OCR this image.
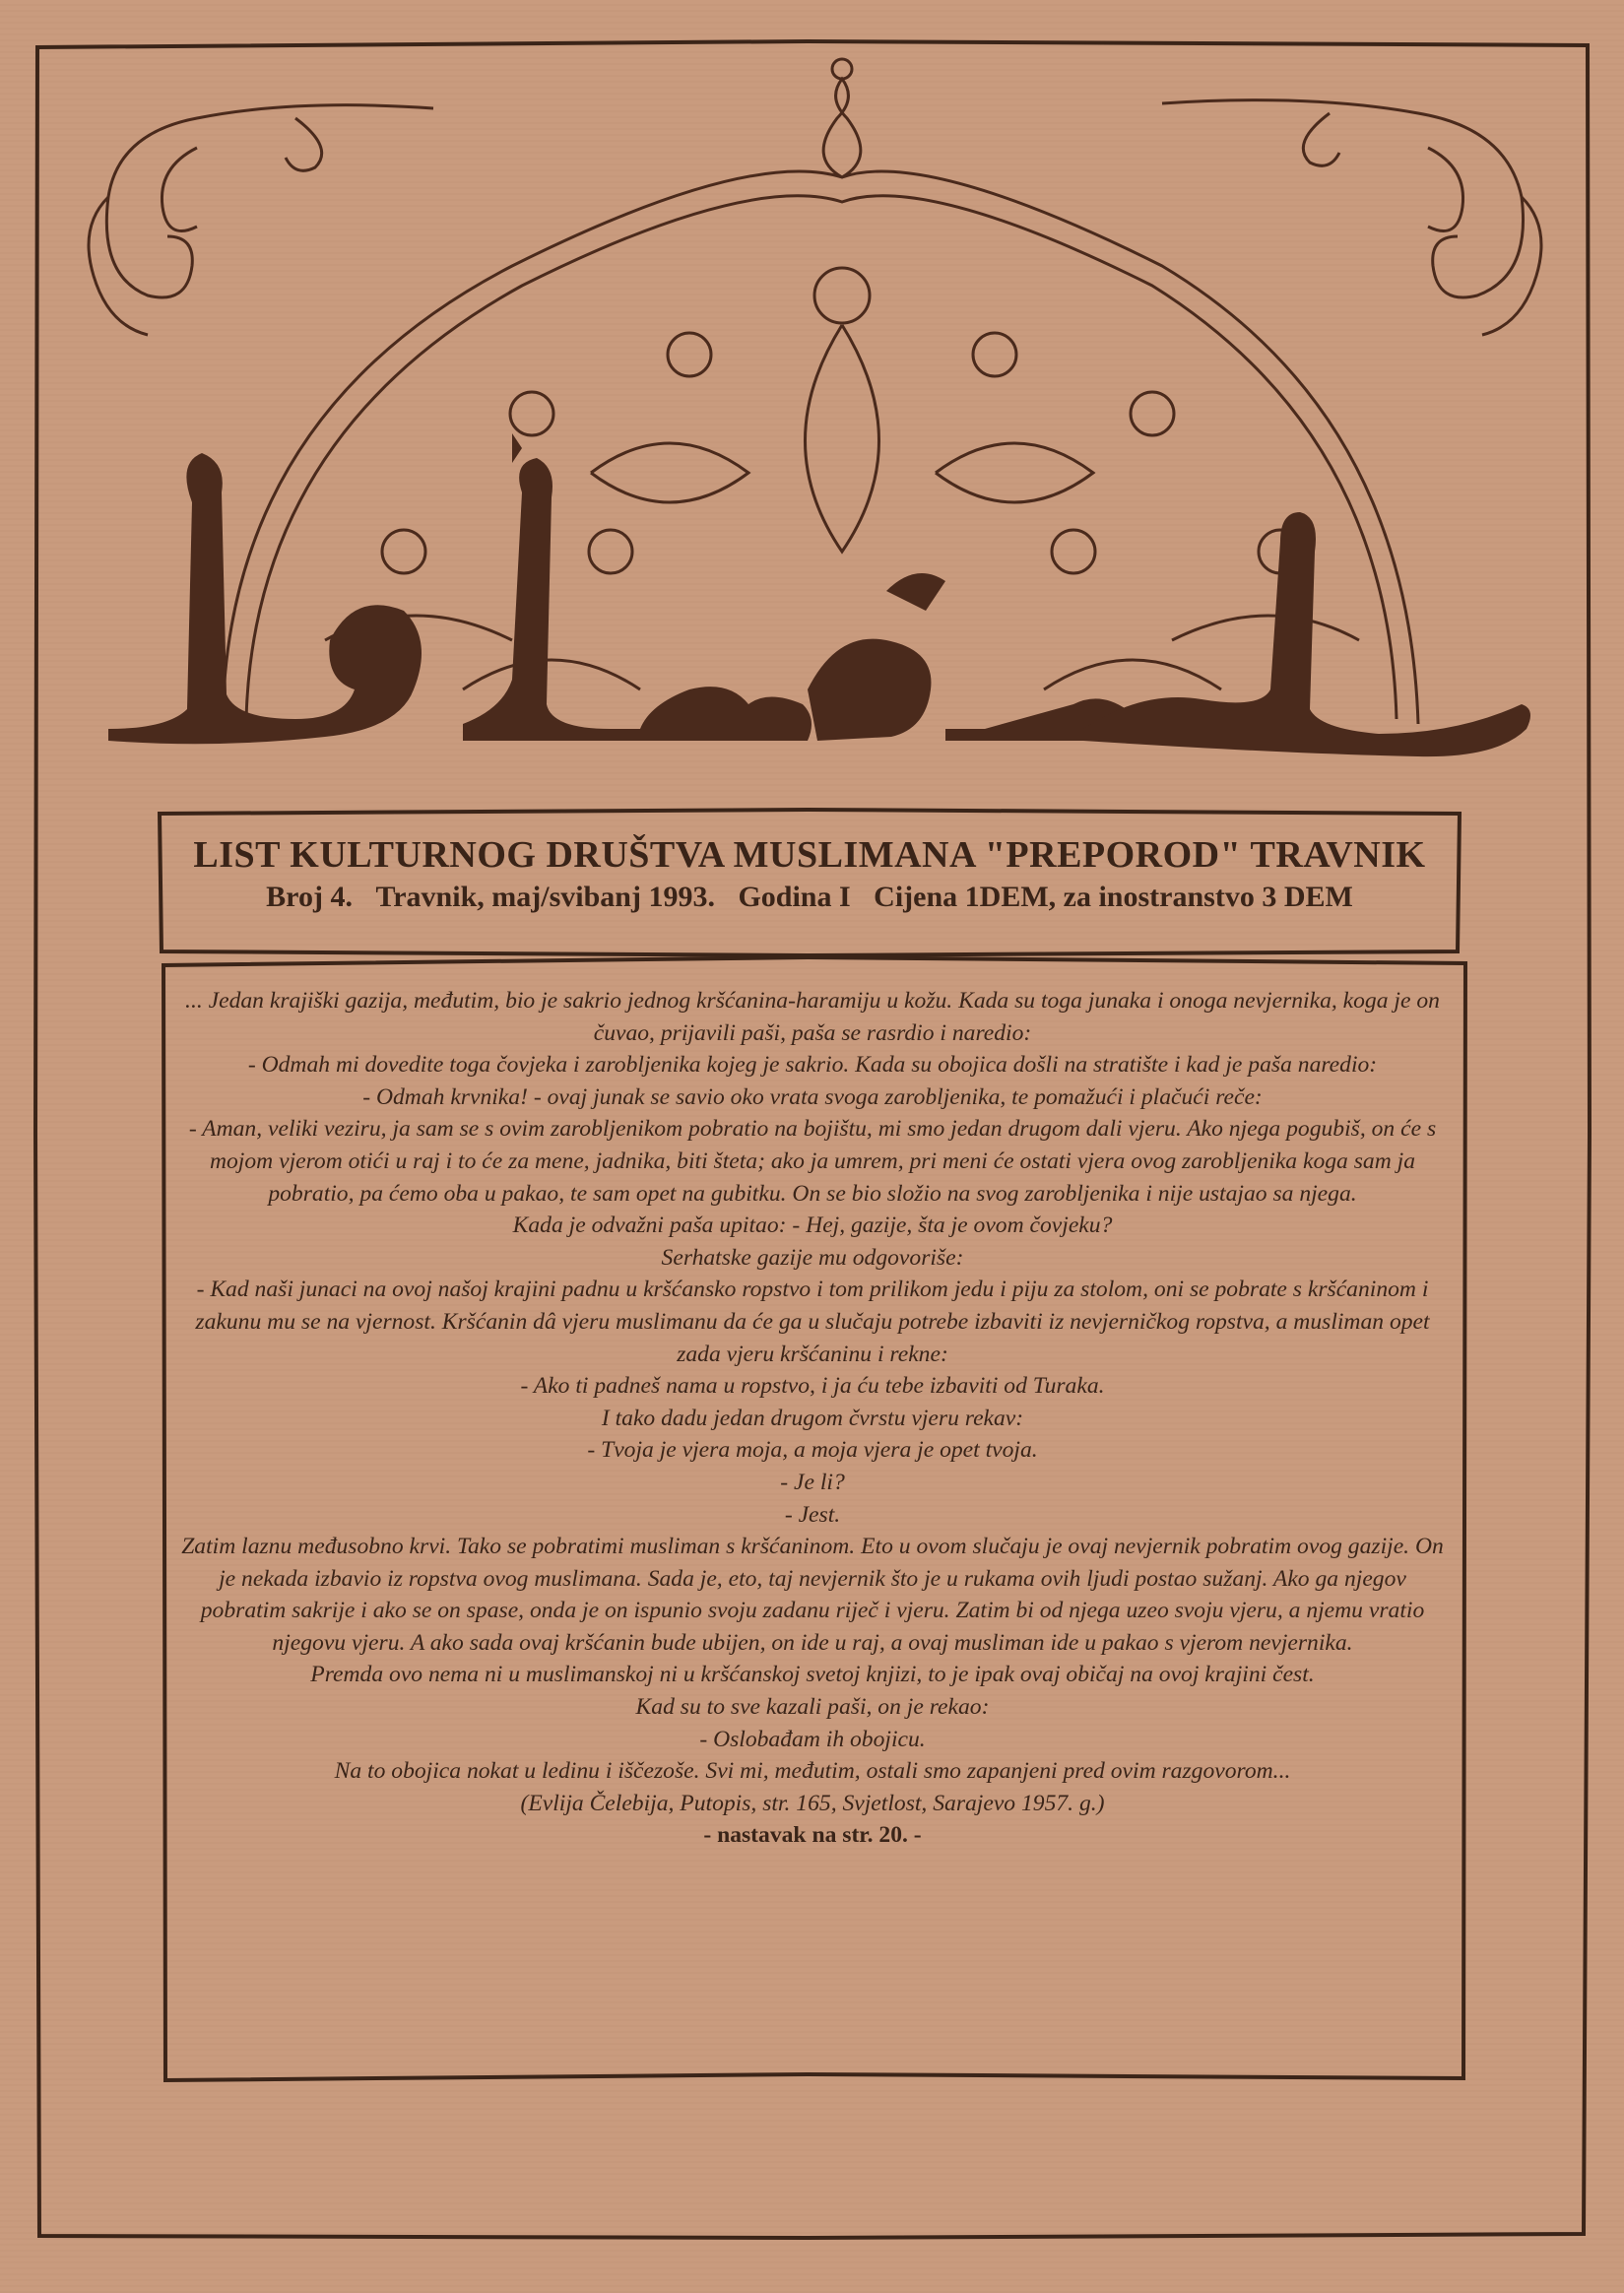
LIST KULTURNOG DRUŠTVA MUSLIMANA "PREPOROD" TRAVNIK
Broj 4. Travnik, maj/svibanj 1993. Godina I Cijena 1DEM, za inostranstvo 3 DEM

... Jedan krajiški gazija, međutim, bio je sakrio jednog kršćanina-haramiju u kožu. Kada su toga junaka i onoga nevjernika, koga je on čuvao, prijavili paši, paša se rasrdio i naredio:

- Odmah mi dovedite toga čovjeka i zarobljenika kojeg je sakrio. Kada su obojica došli na stratište i kad je paša naredio:

- Odmah krvnika! - ovaj junak se savio oko vrata svoga zarobljenika, te pomažući i plačući reče:

- Aman, veliki veziru, ja sam se s ovim zarobljenikom pobratio na bojištu, mi smo jedan drugom dali vjeru. Ako njega pogubiš, on će s mojom vjerom otići u raj i to će za mene, jadnika, biti šteta; ako ja umrem, pri meni će ostati vjera ovog zarobljenika koga sam ja pobratio, pa ćemo oba u pakao, te sam opet na gubitku. On se bio složio na svog zarobljenika i nije ustajao sa njega.

Kada je odvažni paša upitao: - Hej, gazije, šta je ovom čovjeku?

Serhatske gazije mu odgovoriše:

- Kad naši junaci na ovoj našoj krajini padnu u kršćansko ropstvo i tom prilikom jedu i piju za stolom, oni se pobrate s kršćaninom i zakunu mu se na vjernost. Kršćanin dâ vjeru muslimanu da će ga u slučaju potrebe izbaviti iz nevjerničkog ropstva, a musliman opet zada vjeru kršćaninu i rekne:

- Ako ti padneš nama u ropstvo, i ja ću tebe izbaviti od Turaka.

I tako dadu jedan drugom čvrstu vjeru rekav:

- Tvoja je vjera moja, a moja vjera je opet tvoja.

- Je li?

- Jest.

Zatim laznu međusobno krvi. Tako se pobratimi musliman s kršćaninom. Eto u ovom slučaju je ovaj nevjernik pobratim ovog gazije. On je nekada izbavio iz ropstva ovog muslimana. Sada je, eto, taj nevjernik što je u rukama ovih ljudi postao sužanj. Ako ga njegov pobratim sakrije i ako se on spase, onda je on ispunio svoju zadanu riječ i vjeru. Zatim bi od njega uzeo svoju vjeru, a njemu vratio njegovu vjeru. A ako sada ovaj kršćanin bude ubijen, on ide u raj, a ovaj musliman ide u pakao s vjerom nevjernika.

Premda ovo nema ni u muslimanskoj ni u kršćanskoj svetoj knjizi, to je ipak ovaj običaj na ovoj krajini čest.

Kad su to sve kazali paši, on je rekao:

- Oslobađam ih obojicu.

Na to obojica nokat u ledinu i iščezoše. Svi mi, međutim, ostali smo zapanjeni pred ovim razgovorom...

(Evlija Čelebija, Putopis, str. 165, Svjetlost, Sarajevo 1957. g.)

- nastavak na str. 20. -
